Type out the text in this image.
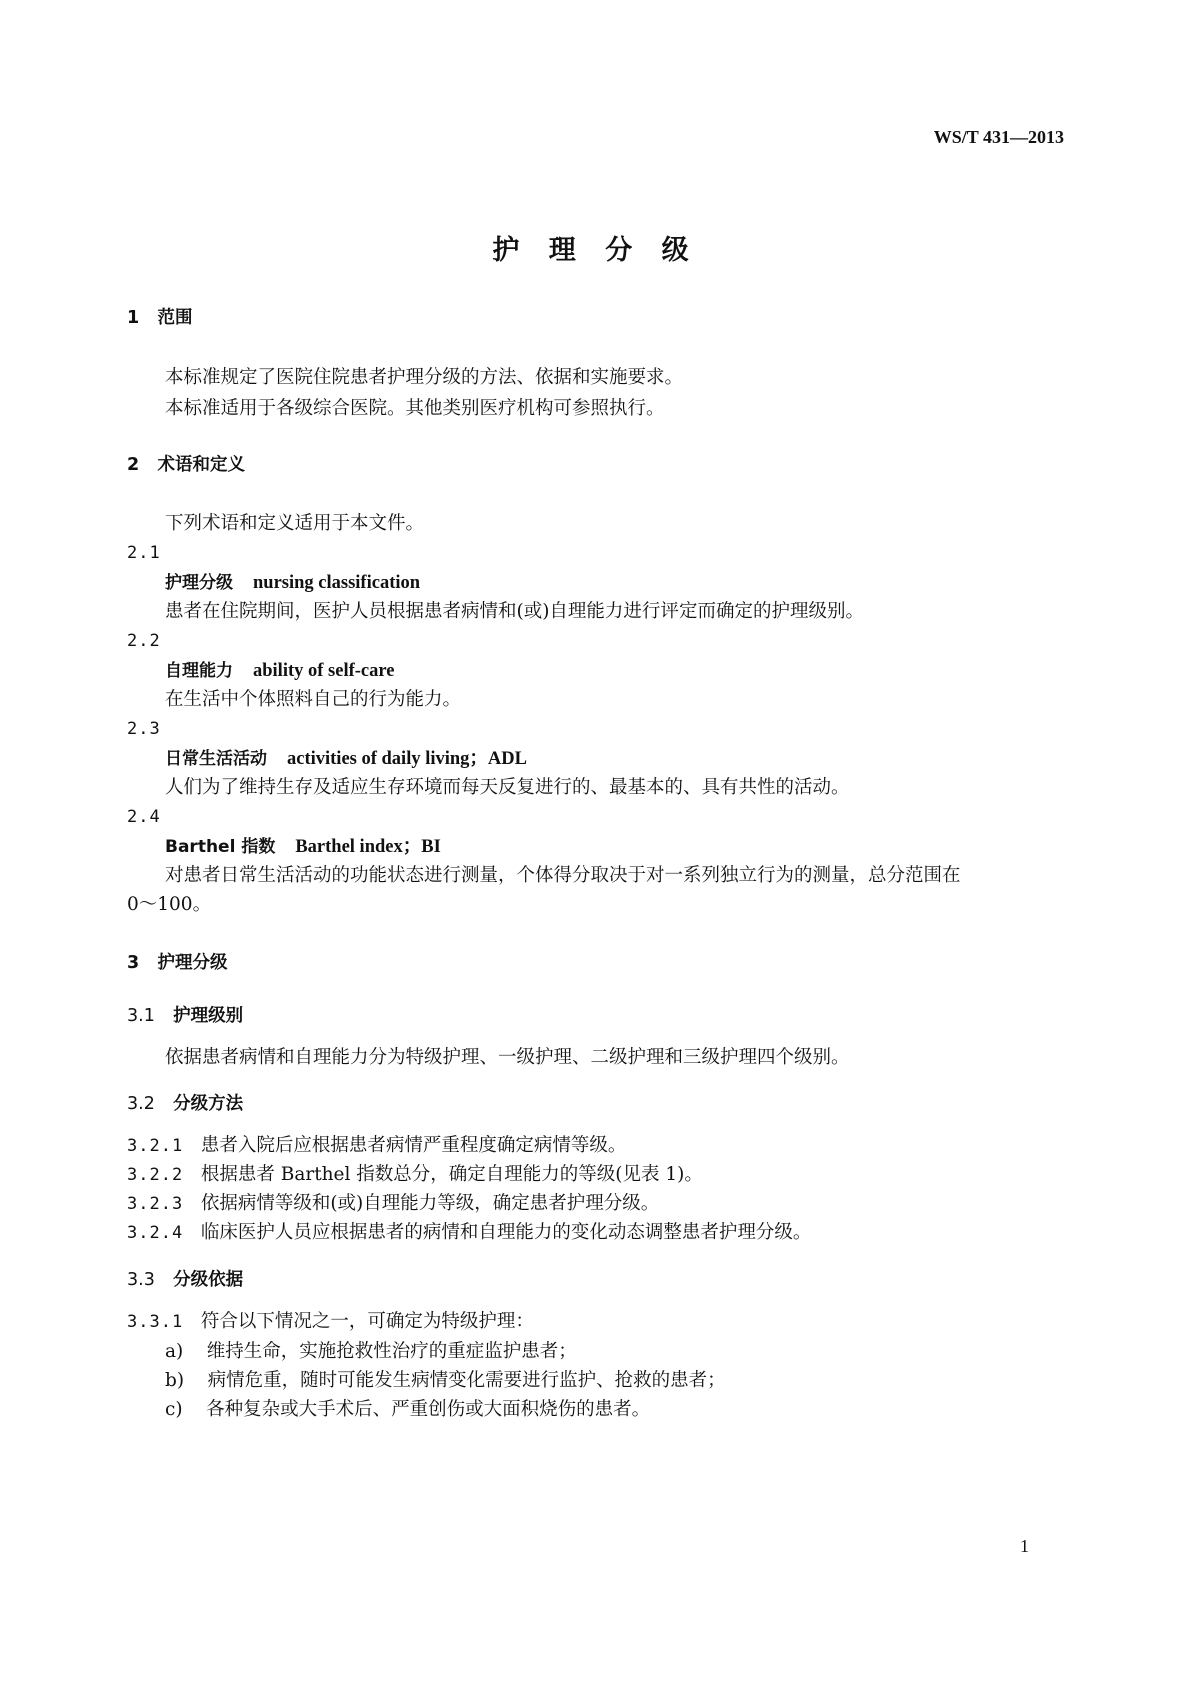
WS/T 431—2013
护 理 分 级
1 范围
本标准规定了医院住院患者护理分级的方法、依据和实施要求。
本标准适用于各级综合医院。其他类别医疗机构可参照执行。
2 术语和定义
下列术语和定义适用于本文件。
2.1
护理分级 nursing classification
患者在住院期间，医护人员根据患者病情和(或)自理能力进行评定而确定的护理级别。
2.2
自理能力 ability of self-care
在生活中个体照料自己的行为能力。
2.3
日常生活活动 activities of daily living；ADL
人们为了维持生存及适应生存环境而每天反复进行的、最基本的、具有共性的活动。
2.4
Barthel 指数 Barthel index；BI
对患者日常生活活动的功能状态进行测量，个体得分取决于对一系列独立行为的测量，总分范围在
0～100。
3 护理分级
3.1 护理级别
依据患者病情和自理能力分为特级护理、一级护理、二级护理和三级护理四个级别。
3.2 分级方法
3.2.1 患者入院后应根据患者病情严重程度确定病情等级。
3.2.2 根据患者 Barthel 指数总分，确定自理能力的等级(见表 1)。
3.2.3 依据病情等级和(或)自理能力等级，确定患者护理分级。
3.2.4 临床医护人员应根据患者的病情和自理能力的变化动态调整患者护理分级。
3.3 分级依据
3.3.1 符合以下情况之一，可确定为特级护理：
a) 维持生命，实施抢救性治疗的重症监护患者；
b) 病情危重，随时可能发生病情变化需要进行监护、抢救的患者；
c) 各种复杂或大手术后、严重创伤或大面积烧伤的患者。
1
